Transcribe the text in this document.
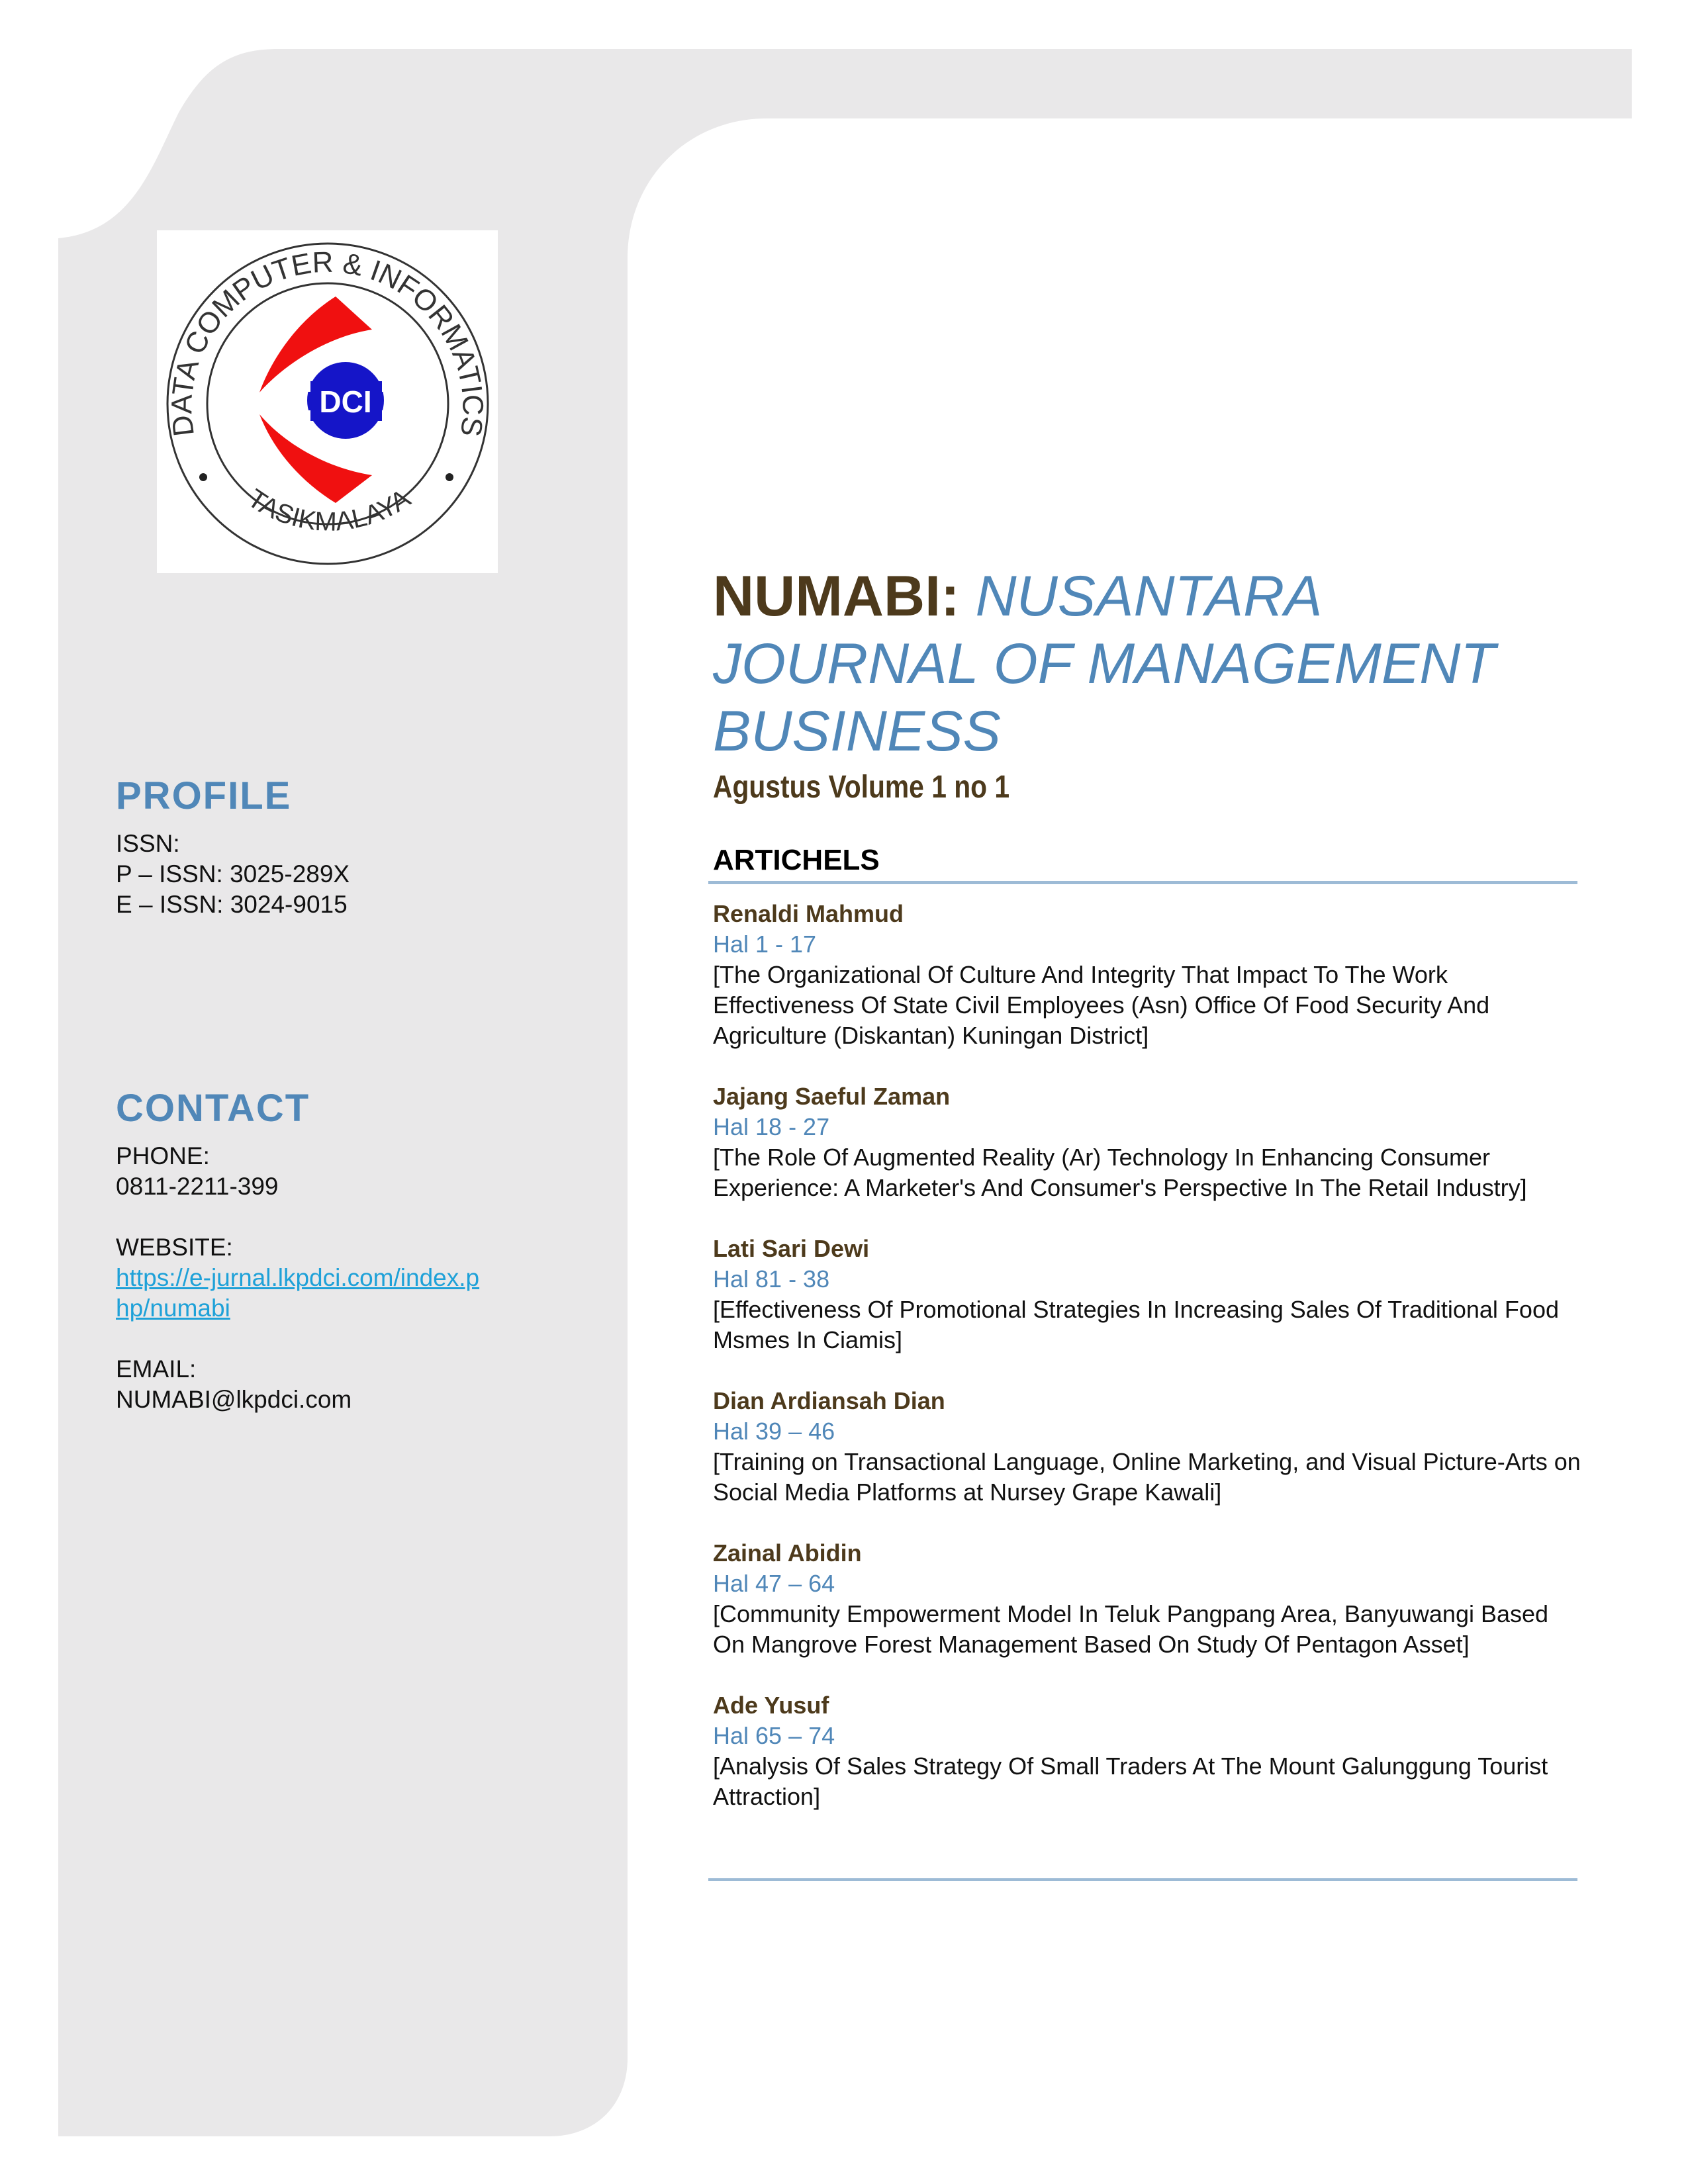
DATA COMPUTER & INFORMATICS
TASIKMALAYA
DCI
PROFILE

ISSN:

P – ISSN: 3025-289X

E – ISSN: 3024-9015

CONTACT

PHONE:

0811-2211-399

WEBSITE:

https://e-jurnal.lkpdci.com/index.php/numabi

EMAIL:

NUMABI@lkpdci.com

NUMABI: NUSANTARA JOURNAL OF MANAGEMENT BUSINESS
Agustus Volume 1 no 1
ARTICHELS
Renaldi Mahmud
Hal 1 - 17
[The Organizational Of Culture And Integrity That Impact To The Work Effectiveness Of State Civil Employees (Asn) Office Of Food Security And Agriculture (Diskantan) Kuningan District]
Jajang Saeful Zaman
Hal 18 - 27
[The Role Of Augmented Reality (Ar) Technology In Enhancing Consumer Experience: A Marketer's And Consumer's Perspective In The Retail Industry]
Lati Sari Dewi
Hal 81 - 38
[Effectiveness Of Promotional Strategies In Increasing Sales Of Traditional Food Msmes In Ciamis]
Dian Ardiansah Dian
Hal 39 – 46
[Training on Transactional Language, Online Marketing, and Visual Picture-Arts on Social Media Platforms at Nursey Grape Kawali]
Zainal Abidin
Hal 47 – 64
[Community Empowerment Model In Teluk Pangpang Area, Banyuwangi Based On Mangrove Forest Management Based On Study Of Pentagon Asset]
Ade Yusuf
Hal 65 – 74
[Analysis Of Sales Strategy Of Small Traders At The Mount Galunggung Tourist Attraction]
